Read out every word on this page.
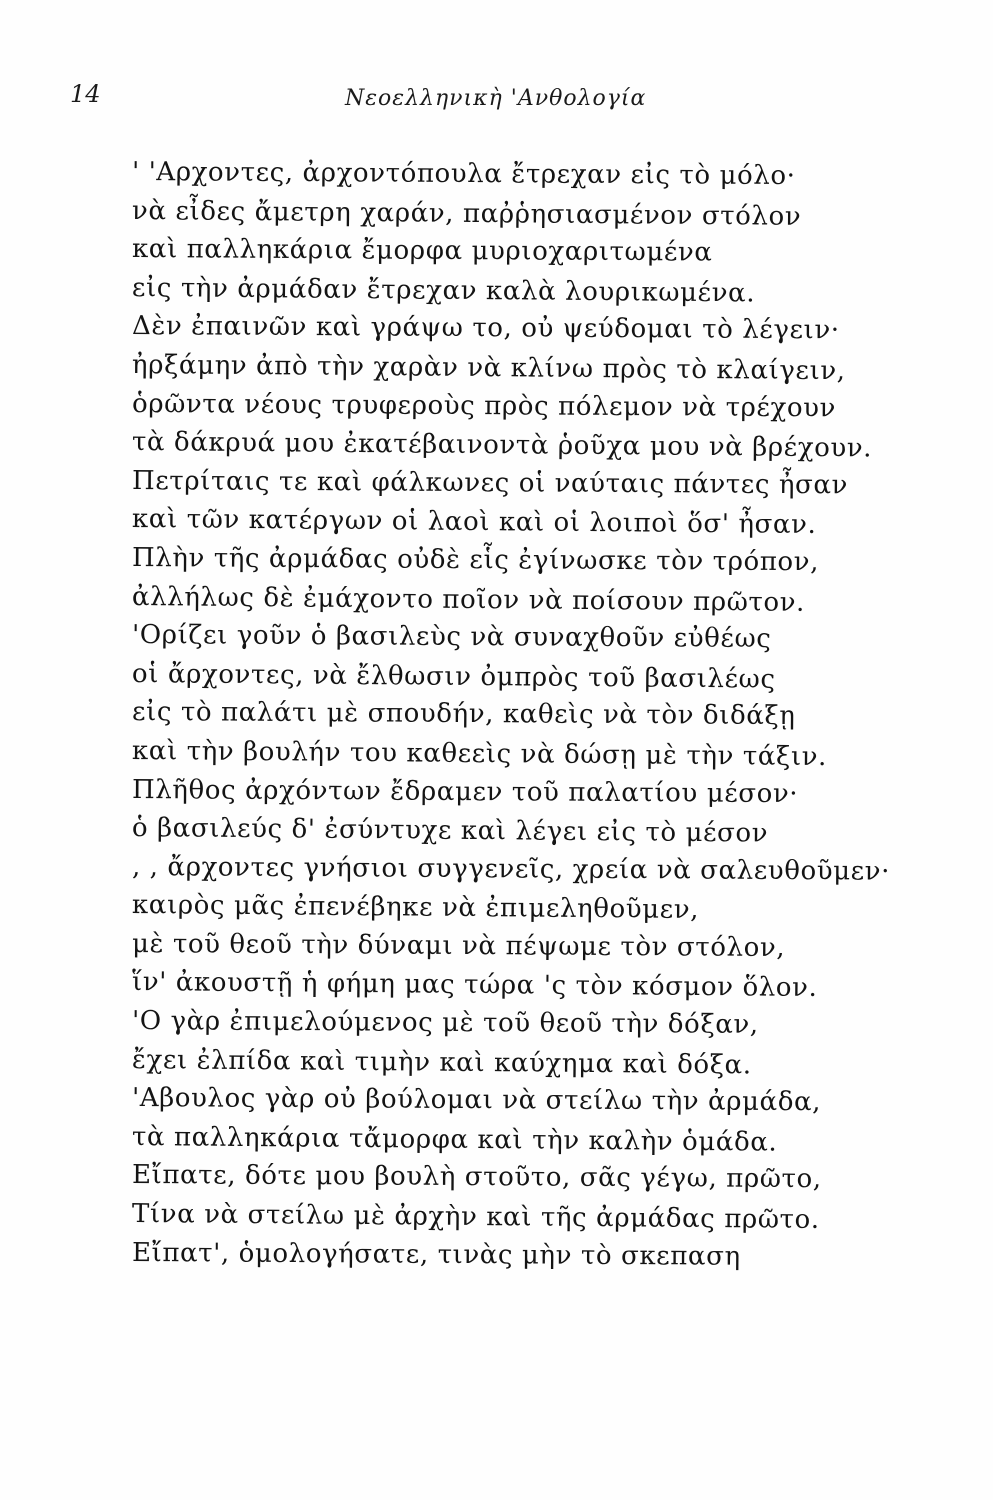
14	Νεοελληνικὴ 'Ανθολογία
' 'Αρχοντες, ἀρχοντόπουλα ἔτρεχαν εἰς τὸ μόλο·
νὰ εἶδες ἄμετρη χαράν, παῤῥησιασμένον στόλον
καὶ παλληκάρια ἔμορφα μυριοχαριτωμένα
εἰς τὴν ἀρμάδαν ἔτρεχαν καλὰ λουρικωμένα.
Δὲν ἐπαινῶν καὶ γράψω το, οὐ ψεύδομαι τὸ λέγειν·
ἠρξάμην ἀπὸ τὴν χαρὰν νὰ κλίνω πρὸς τὸ κλαίγειν,
ὁρῶντα νέους τρυφεροὺς πρὸς πόλεμον νὰ τρέχουν
τὰ δάκρυά μου ἐκατέβαινοντὰ ῥοῦχα μου νὰ βρέχουν.
Πετρίταις τε καὶ φάλκωνες οἱ ναύταις πάντες ἦσαν
καὶ τῶν κατέργων οἱ λαοὶ καὶ οἱ λοιποὶ ὅσ' ἦσαν.
Πλὴν τῆς ἀρμάδας οὐδὲ εἷς ἐγίνωσκε τὸν τρόπον,
ἀλλήλως δὲ ἐμάχοντο ποῖον νὰ ποίσουν πρῶτον.
'Ορίζει γοῦν ὁ βασιλεὺς νὰ συναχθοῦν εὐθέως
οἱ ἄρχοντες, νὰ ἔλθωσιν ὀμπρὸς τοῦ βασιλέως
εἰς τὸ παλάτι μὲ σπουδήν, καθεὶς νὰ τὸν διδάξῃ
καὶ τὴν βουλήν του καθεεὶς νὰ δώσῃ μὲ τὴν τάξιν.
Πλῆθος ἀρχόντων ἔδραμεν τοῦ παλατίου μέσον·
ὁ βασιλεύς δ' ἐσύντυχε καὶ λέγει εἰς τὸ μέσον
, , ἄρχοντες γνήσιοι συγγενεῖς, χρεία νὰ σαλευθοῦμεν·
καιρὸς μᾶς ἐπενέβηκε νὰ ἐπιμεληθοῦμεν,
μὲ τοῦ θεοῦ τὴν δύναμι νὰ πέψωμε τὸν στόλον,
ἵν' ἀκουστῇ ἡ φήμη μας τώρα 'ς τὸν κόσμον ὅλον.
'Ο γὰρ ἐπιμελούμενος μὲ τοῦ θεοῦ τὴν δόξαν,
ἔχει ἐλπίδα καὶ τιμὴν καὶ καύχημα καὶ δόξα.
'Αβουλος γὰρ οὐ βούλομαι νὰ στείλω τὴν ἀρμάδα,
τὰ παλληκάρια τἄμορφα καὶ τὴν καλὴν ὁμάδα.
Εἴπατε, δότε μου βουλὴ στοῦτο, σᾶς γέγω, πρῶτο,
Τίνα νὰ στείλω μὲ ἀρχὴν καὶ τῆς ἀρμάδας πρῶτο.
Εἴπατ', ὁμολογήσατε, τινὰς μὴν τὸ σκεπαση
